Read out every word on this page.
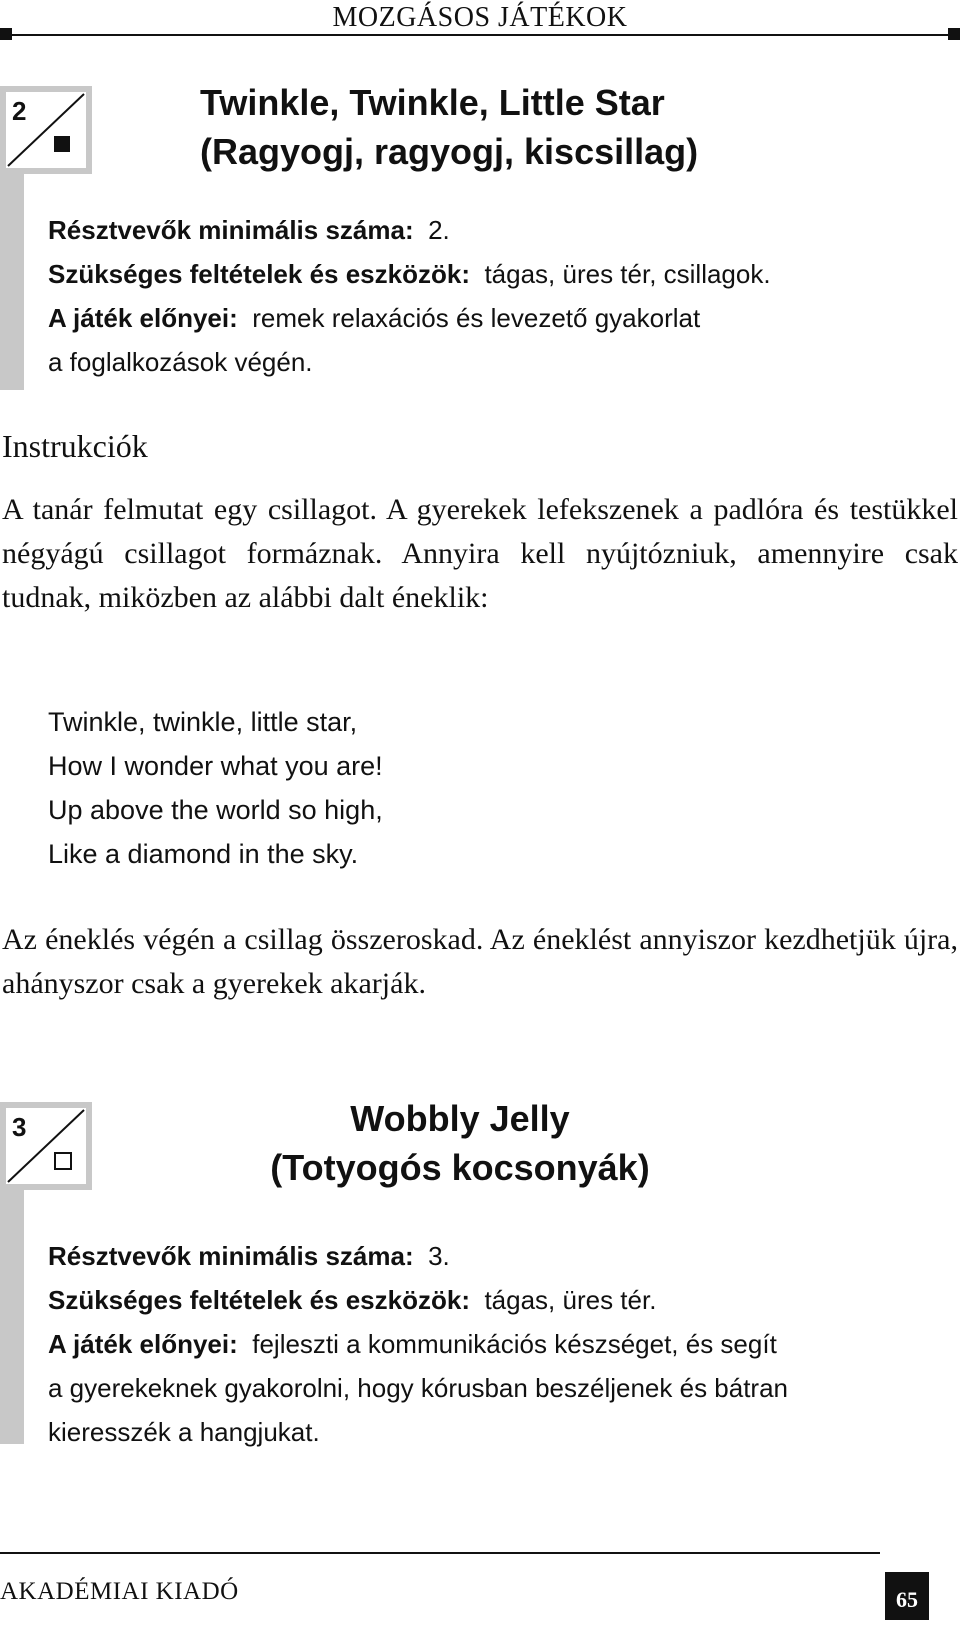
MOZGÁSOS JÁTÉKOK
2	Twinkle, Twinkle, Little Star
(Ragyogj, ragyogj, kiscsillag)
Résztvevők minimális száma: 2.
Szükséges feltételek és eszközök: tágas, üres tér, csillagok.
A játék előnyei: remek relaxációs és levezető gyakorlat
a foglalkozások végén.
Instrukciók
A tanár felmutat egy csillagot. A gyerekek lefekszenek a padlóra és testükkel négyágú csillagot formáznak. Annyira kell nyújtózniuk, amennyire csak tudnak, miközben az alábbi dalt éneklik:
Twinkle, twinkle, little star,
How I wonder what you are!
Up above the world so high,
Like a diamond in the sky.
Az éneklés végén a csillag összeroskad. Az éneklést annyiszor kezdhetjük újra, ahányszor csak a gyerekek akarják.
3	Wobbly Jelly
(Totyogós kocsonyák)
Résztvevők minimális száma: 3.
Szükséges feltételek és eszközök: tágas, üres tér.
A játék előnyei: fejleszti a kommunikációs készséget, és segít
a gyerekeknek gyakorolni, hogy kórusban beszéljenek és bátran
kieresszék a hangjukat.
AKADÉMIAI KIADÓ	65
